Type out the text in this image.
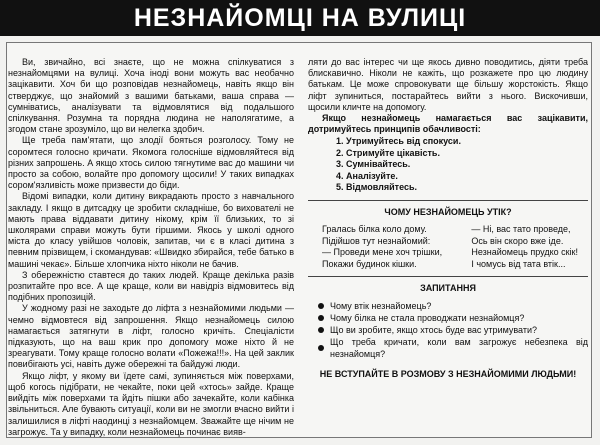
НЕЗНАЙОМЦІ НА ВУЛИЦІ

Ви, звичайно, всі знаєте, що не можна спілкуватися з незнайомцями на вулиці. Хоча іноді вони можуть вас необачно зацікавити. Хоч би що розповідав незнайомець, навіть якщо він стверджує, що знайомий з вашими батьками, ваша справа — сумніватись, аналізувати та відмовлятися від подальшого спілкування. Розумна та порядна людина не наполягатиме, а згодом стане зрозуміло, що ви нелегка здобич.

Ще треба пам'ятати, що злодії бояться розголосу. Тому не соромтеся голосно кричати. Якомога голосніше відмовляйтеся від різних запрошень. А якщо хтось силою тягнутиме вас до машини чи просто за собою, волайте про допомогу щосили! У таких випадках сором'язливість може призвести до біди.

Відомі випадки, коли дитину викрадають просто з навчального закладу. І якщо в дитсадку це зробити складніше, бо вихователі не мають права віддавати дитину нікому, крім її близьких, то зі школярами справи можуть бути гіршими. Якось у школі одного міста до класу увійшов чоловік, запитав, чи є в класі дитина з певним прізвищем, і скомандував: «Швидко збирайся, тебе батько в машині чекає». Більше хлопчика ніхто ніколи не бачив.

З обережністю ставтеся до таких людей. Краще декілька разів розпитайте про все. А ще краще, коли ви навідріз відмовитесь від подібних пропозицій.

У жодному разі не заходьте до ліфта з незнайомими людьми — чемно відмовтеся від запрошення. Якщо незнайомець силою намагається затягнути в ліфт, голосно кричіть. Спеціалісти підказують, що на ваш крик про допомогу може ніхто й не зреагувати. Тому краще голосно волати «Пожежа!!!». На цей заклик повибігають усі, навіть дуже обережні та байдужі люди.

Якщо ліфт, у якому ви їдете самі, зупиняється між поверхами, щоб когось підібрати, не чекайте, поки цей «хтось» зайде. Краще вийдіть між поверхами та йдіть пішки або зачекайте, коли кабінка звільниться. Але бувають ситуації, коли ви не змогли вчасно вийти і залишилися в ліфті наодинці з незнайомцем. Зважайте ще нічим не загрожує. Та у випадку, коли незнайомець починає вияв-

ляти до вас інтерес чи ще якось дивно поводитись, діяти треба блискавично. Ніколи не кажіть, що розкажете про цю людину батькам. Це може спровокувати ще більшу жорстокість. Якщо ліфт зупиниться, постарайтесь вийти з нього. Вискочивши, щосили кличте на допомогу.

Якщо незнайомець намагається вас зацікавити, дотримуйтесь принципів обачливості:

1. Утримуйтесь від спокуси.
2. Стримуйте цікавість.
3. Сумнівайтесь.
4. Аналізуйте.
5. Відмовляйтесь.
ЧОМУ НЕЗНАЙОМЕЦЬ УТІК?
Гралась білка коло дому.
Підійшов тут незнайомий:
— Проведи мене хоч трішки,
Покажи будинок кішки.
— Ні, вас тато проведе,
Ось він скоро вже іде.
Незнайомець прудко скік!
І чомусь від тата втік...
ЗАПИТАННЯ
Чому втік незнайомець?
Чому білка не стала проводжати незнайомця?
Що ви зробите, якщо хтось буде вас утримувати?
Що треба кричати, коли вам загрожує небезпека від незнайомця?
НЕ ВСТУПАЙТЕ В РОЗМОВУ З НЕЗНАЙОМИМИ ЛЮДЬМИ!
